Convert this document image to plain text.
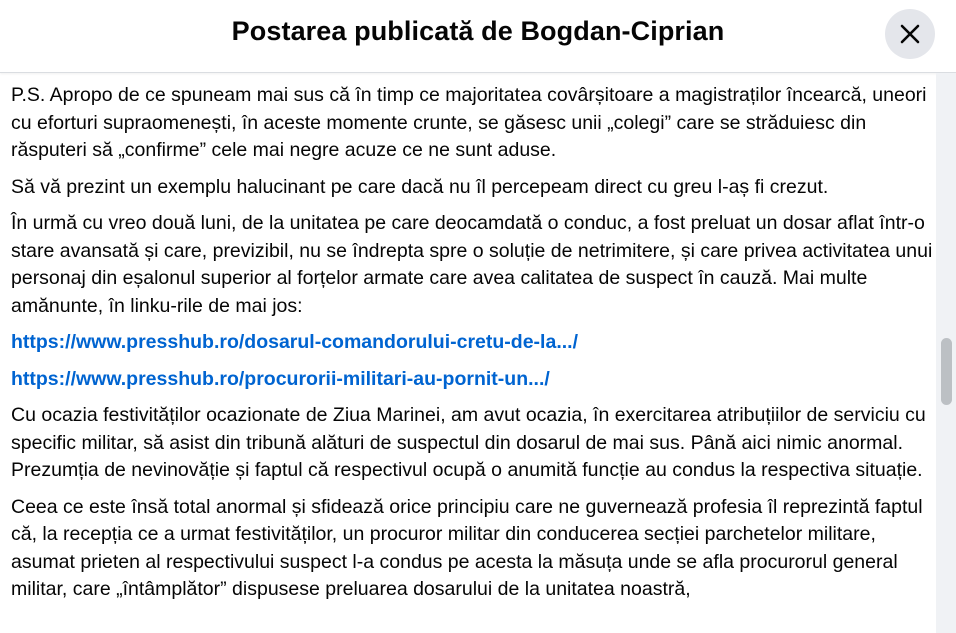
Postarea publicată de Bogdan-Ciprian

P.S. Apropo de ce spuneam mai sus că în timp ce majoritatea covârșitoare a magistraților încearcă, uneori cu eforturi supraomenești, în aceste momente crunte, se găsesc unii „colegi” care se străduiesc din răsputeri să „confirme” cele mai negre acuze ce ne sunt aduse.

Să vă prezint un exemplu halucinant pe care dacă nu îl percepeam direct cu greu l-aș fi crezut.

În urmă cu vreo două luni, de la unitatea pe care deocamdată o conduc, a fost preluat un dosar aflat într-o stare avansată și care, previzibil, nu se îndrepta spre o soluție de netrimitere, și care privea activitatea unui personaj din eșalonul superior al forțelor armate care avea calitatea de suspect în cauză. Mai multe amănunte, în linku-rile de mai jos:

https://www.presshub.ro/dosarul-comandorului-cretu-de-la.../

https://www.presshub.ro/procurorii-militari-au-pornit-un.../

Cu ocazia festivităților ocazionate de Ziua Marinei, am avut ocazia, în exercitarea atribuțiilor de serviciu cu specific militar, să asist din tribună alături de suspectul din dosarul de mai sus. Până aici nimic anormal. Prezumția de nevinovăție și faptul că respectivul ocupă o anumită funcție au condus la respectiva situație.

Ceea ce este însă total anormal și sfidează orice principiu care ne guvernează profesia îl reprezintă faptul că, la recepția ce a urmat festivităților, un procuror militar din conducerea secției parchetelor militare, asumat prieten al respectivului suspect l-a condus pe acesta la măsuța unde se afla procurorul general militar, care „întâmplător” dispusese preluarea dosarului de la unitatea noastră,
